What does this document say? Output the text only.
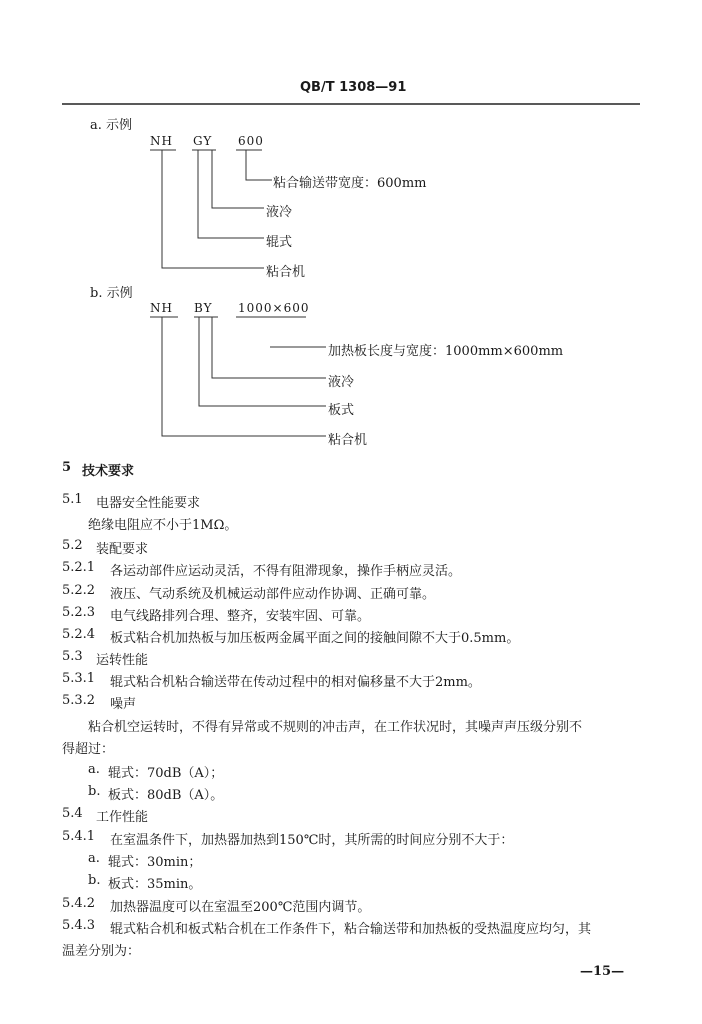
QB/T 1308—91
a. 示例
NH GY 600
粘合输送带宽度：600mm
液冷
辊式
粘合机
b. 示例
NH BY 1000×600
加热板长度与宽度：1000mm×600mm
液冷
板式
粘合机
5 技术要求
5.1 电器安全性能要求
绝缘电阻应不小于1MΩ。
5.2 装配要求
5.2.1 各运动部件应运动灵活，不得有阻滞现象，操作手柄应灵活。
5.2.2 液压、气动系统及机械运动部件应动作协调、正确可靠。
5.2.3 电气线路排列合理、整齐，安装牢固、可靠。
5.2.4 板式粘合机加热板与加压板两金属平面之间的接触间隙不大于0.5mm。
5.3 运转性能
5.3.1 辊式粘合机粘合输送带在传动过程中的相对偏移量不大于2mm。
5.3.2 噪声
粘合机空运转时，不得有异常或不规则的冲击声，在工作状况时，其噪声声压级分别不
得超过：
a. 辊式：70dB（A）；
b. 板式：80dB（A）。
5.4 工作性能
5.4.1 在室温条件下，加热器加热到150℃时，其所需的时间应分别不大于：
a. 辊式：30min；
b. 板式：35min。
5.4.2 加热器温度可以在室温至200℃范围内调节。
5.4.3 辊式粘合机和板式粘合机在工作条件下，粘合输送带和加热板的受热温度应均匀，其
温差分别为：
—15—
